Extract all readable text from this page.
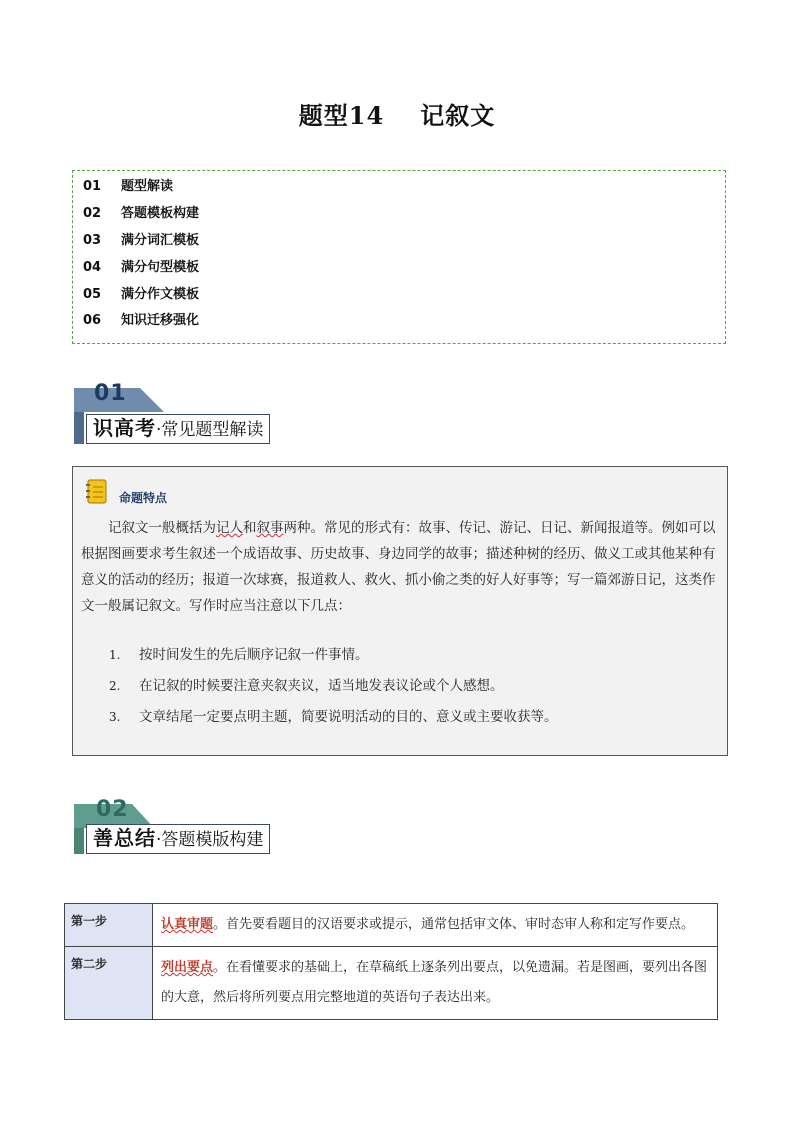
题型14 记叙文
01 题型解读
02 答题模板构建
03 满分词汇模板
04 满分句型模板
05 满分作文模板
06 知识迁移强化
01
识高考·常见题型解读
命题特点
记叙文一般概括为记人和叙事两种。常见的形式有：故事、传记、游记、日记、新闻报道等。例如可以根据图画要求考生叙述一个成语故事、历史故事、身边同学的故事；描述种树的经历、做义工或其他某种有意义的活动的经历；报道一次球赛，报道救人、救火、抓小偷之类的好人好事等；写一篇郊游日记，这类作文一般属记叙文。写作时应当注意以下几点：
1. 按时间发生的先后顺序记叙一件事情。
2. 在记叙的时候要注意夹叙夹议，适当地发表议论或个人感想。
3. 文章结尾一定要点明主题，简要说明活动的目的、意义或主要收获等。
02
善总结·答题模版构建
第一步	认真审题。首先要看题目的汉语要求或提示，通常包括审文体、审时态审人称和定写作要点。
第二步	列出要点。在看懂要求的基础上，在草稿纸上逐条列出要点，以免遗漏。若是图画，要列出各图的大意，然后将所列要点用完整地道的英语句子表达出来。
